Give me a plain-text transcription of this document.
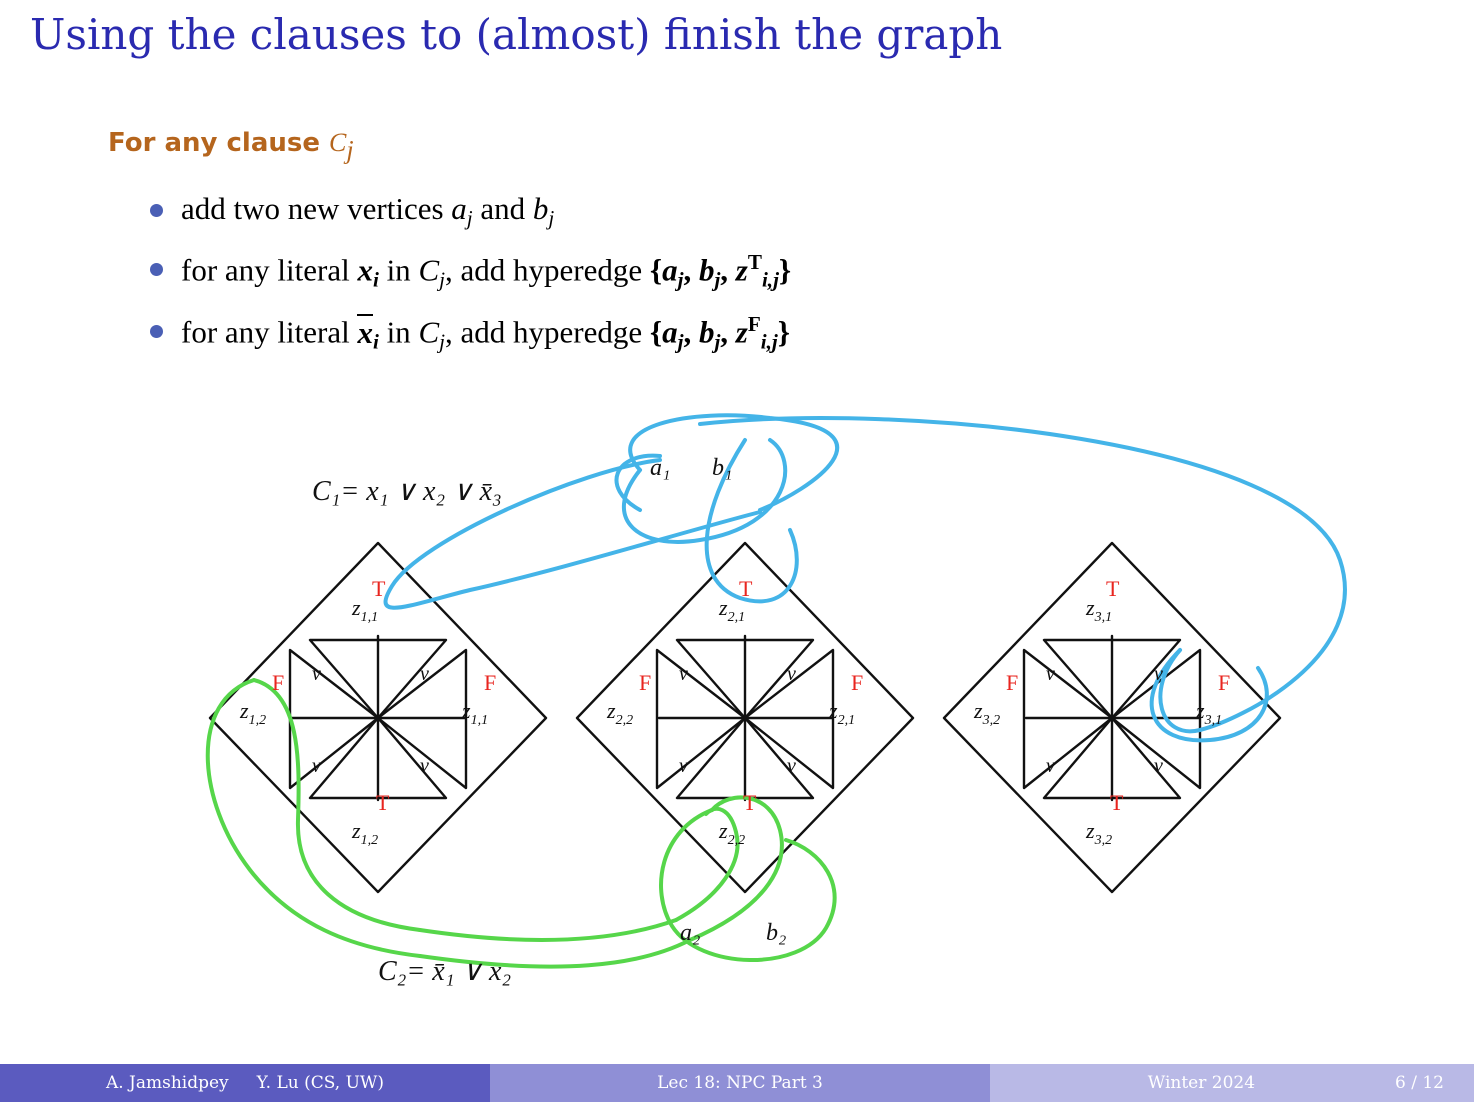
Using the clauses to (almost) finish the graph
For any clause Cj
add two new vertices $a_j$ and $b_j$
for any literal $x_i$ in $C_j$, add hyperedge {$a_j$, $b_j$, $z^T_{i,j}$}
for any literal $x_i$ in $C_j$, add hyperedge {$a_j$, $b_j$, $z^F_{i,j}$}
C₁= x₁ ∨ x₂ ∨ x̄₃
C₂= x̄₁ ∨ x₂
a₁ b₁
a₂	b₂
T
$z_{1,1}$
F
$z_{1,2}$
F
$z_{1,1}$
T
$z_{1,2}$
T
$z_{2,1}$
F
$z_{2,2}$
F
$z_{2,1}$
T
$z_{2,2}$
T
$z_{3,1}$
F
$z_{3,2}$
F
$z_{3,1}$
T
$z_{3,2}$
v	v
v	v
v	v
v	v
v	v
v	v
A. Jamshidpey Y. Lu (CS, UW)	Lec 18: NPC Part 3	Winter 2024	6 / 12
